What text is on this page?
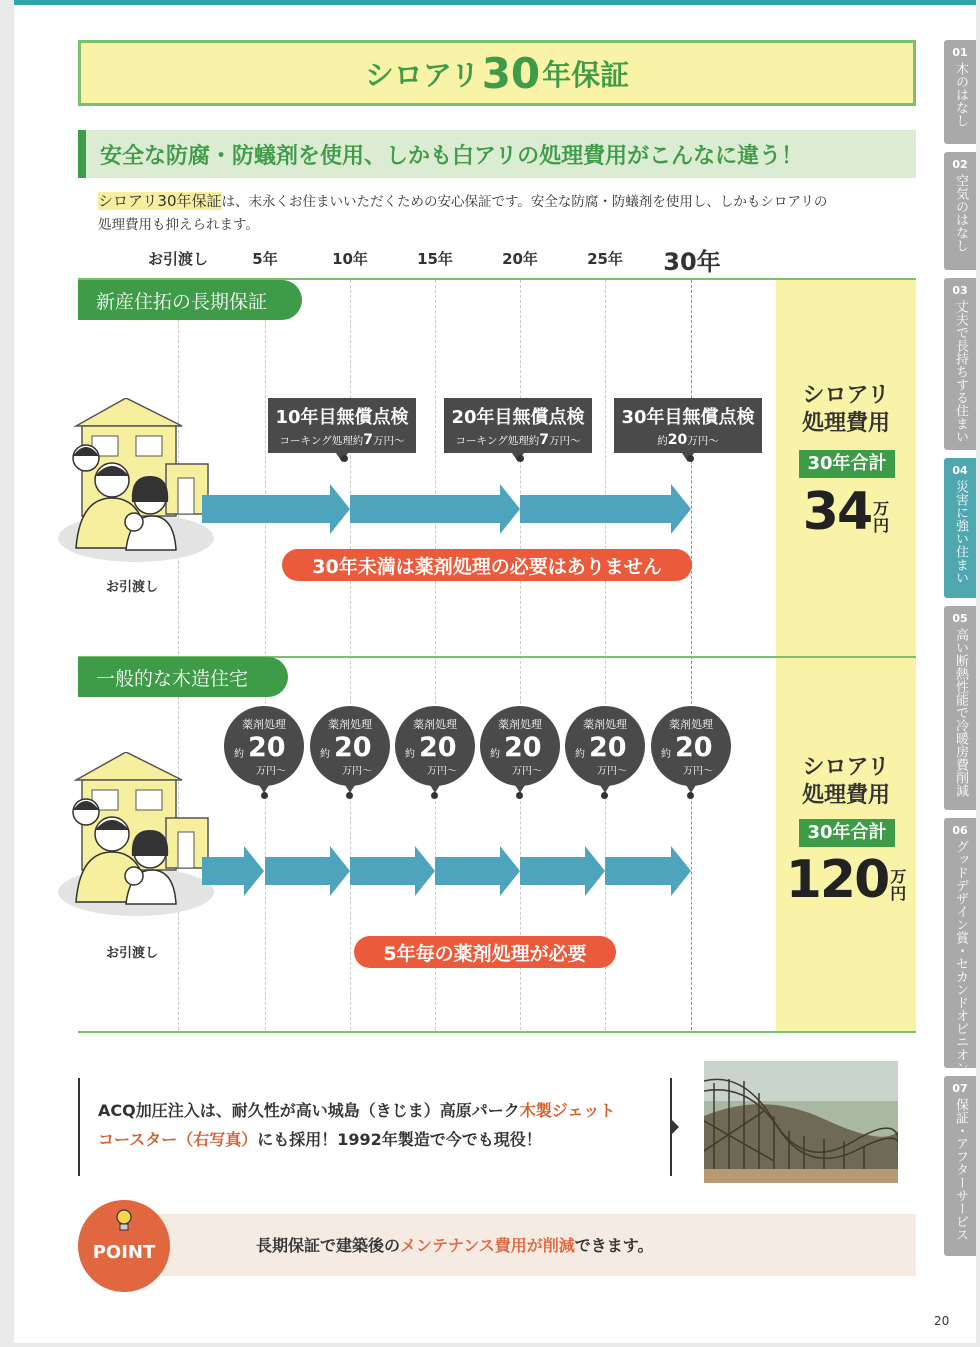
シロアリ 30 年保証
安全な防腐・防蟻剤を使用、しかも白アリの処理費用がこんなに違う！
シロアリ30年保証は、末永くお住まいいただくための安心保証です。安全な防腐・防蟻剤を使用し、しかもシロアリの
処理費用も抑えられます。
お引渡し	5年	10年	15年	20年	25年 30年
新産住拓の長期保証
お引渡し
10年目無償点検
コーキング処理約7万円～
20年目無償点検
コーキング処理約7万円～
30年目無償点検
約20万円～
30年未満は薬剤処理の必要はありません
シロアリ
処理費用
30年合計
34 万
円
一般的な木造住宅
お引渡し
薬剤処理
約 20
万円～
薬剤処理
約 20
万円～
薬剤処理
約 20
万円～
薬剤処理
約 20
万円～
薬剤処理
約 20
万円～
薬剤処理
約 20
万円～
5年毎の薬剤処理が必要
シロアリ
処理費用
30年合計
120 万
円
ACQ加圧注入は、耐久性が高い城島（きじま）高原パーク木製ジェット
コースター（右写真）にも採用！1992年製造で今でも現役！
POINT	長期保証で建築後のメンテナンス費用が削減できます。
01
木のはなし
02
空気のはなし
03
丈夫で長持ちする住まい
04
災害に強い住まい
05
高い断熱性能で冷暖房費削減
06
グッドデザイン賞・セカンドオピニオン
07
保証・アフターサービス
20
